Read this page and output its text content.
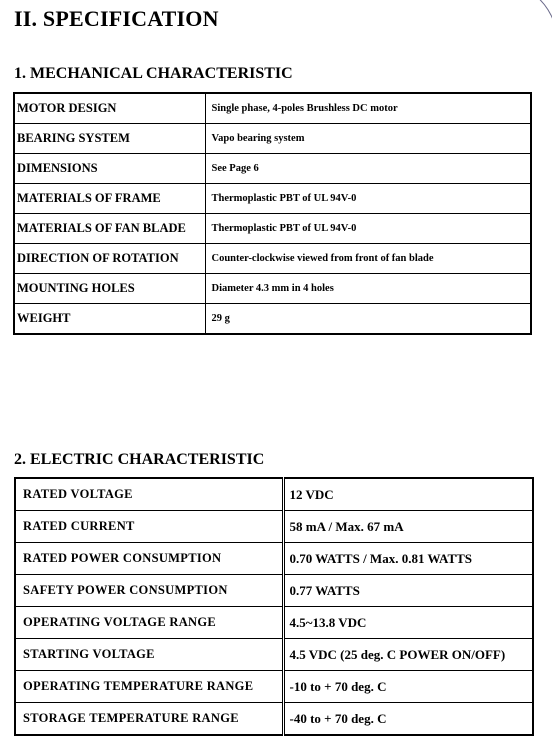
II. SPECIFICATION
1. MECHANICAL CHARACTERISTIC
MOTOR DESIGN	Single phase, 4-poles Brushless DC motor
BEARING SYSTEM	Vapo bearing system
DIMENSIONS	See Page 6
MATERIALS OF FRAME	Thermoplastic PBT of UL 94V-0
MATERIALS OF FAN BLADE	Thermoplastic PBT of UL 94V-0
DIRECTION OF ROTATION	Counter-clockwise viewed from front of fan blade
MOUNTING HOLES	Diameter 4.3 mm in 4 holes
WEIGHT	29 g
2. ELECTRIC CHARACTERISTIC
RATED VOLTAGE	12 VDC
RATED CURRENT	58 mA / Max. 67 mA
RATED POWER CONSUMPTION	0.70 WATTS / Max. 0.81 WATTS
SAFETY POWER CONSUMPTION	0.77 WATTS
OPERATING VOLTAGE RANGE	4.5~13.8 VDC
STARTING VOLTAGE	4.5 VDC (25 deg. C POWER ON/OFF)
OPERATING TEMPERATURE RANGE	-10 to + 70 deg. C
STORAGE TEMPERATURE RANGE	-40 to + 70 deg. C
